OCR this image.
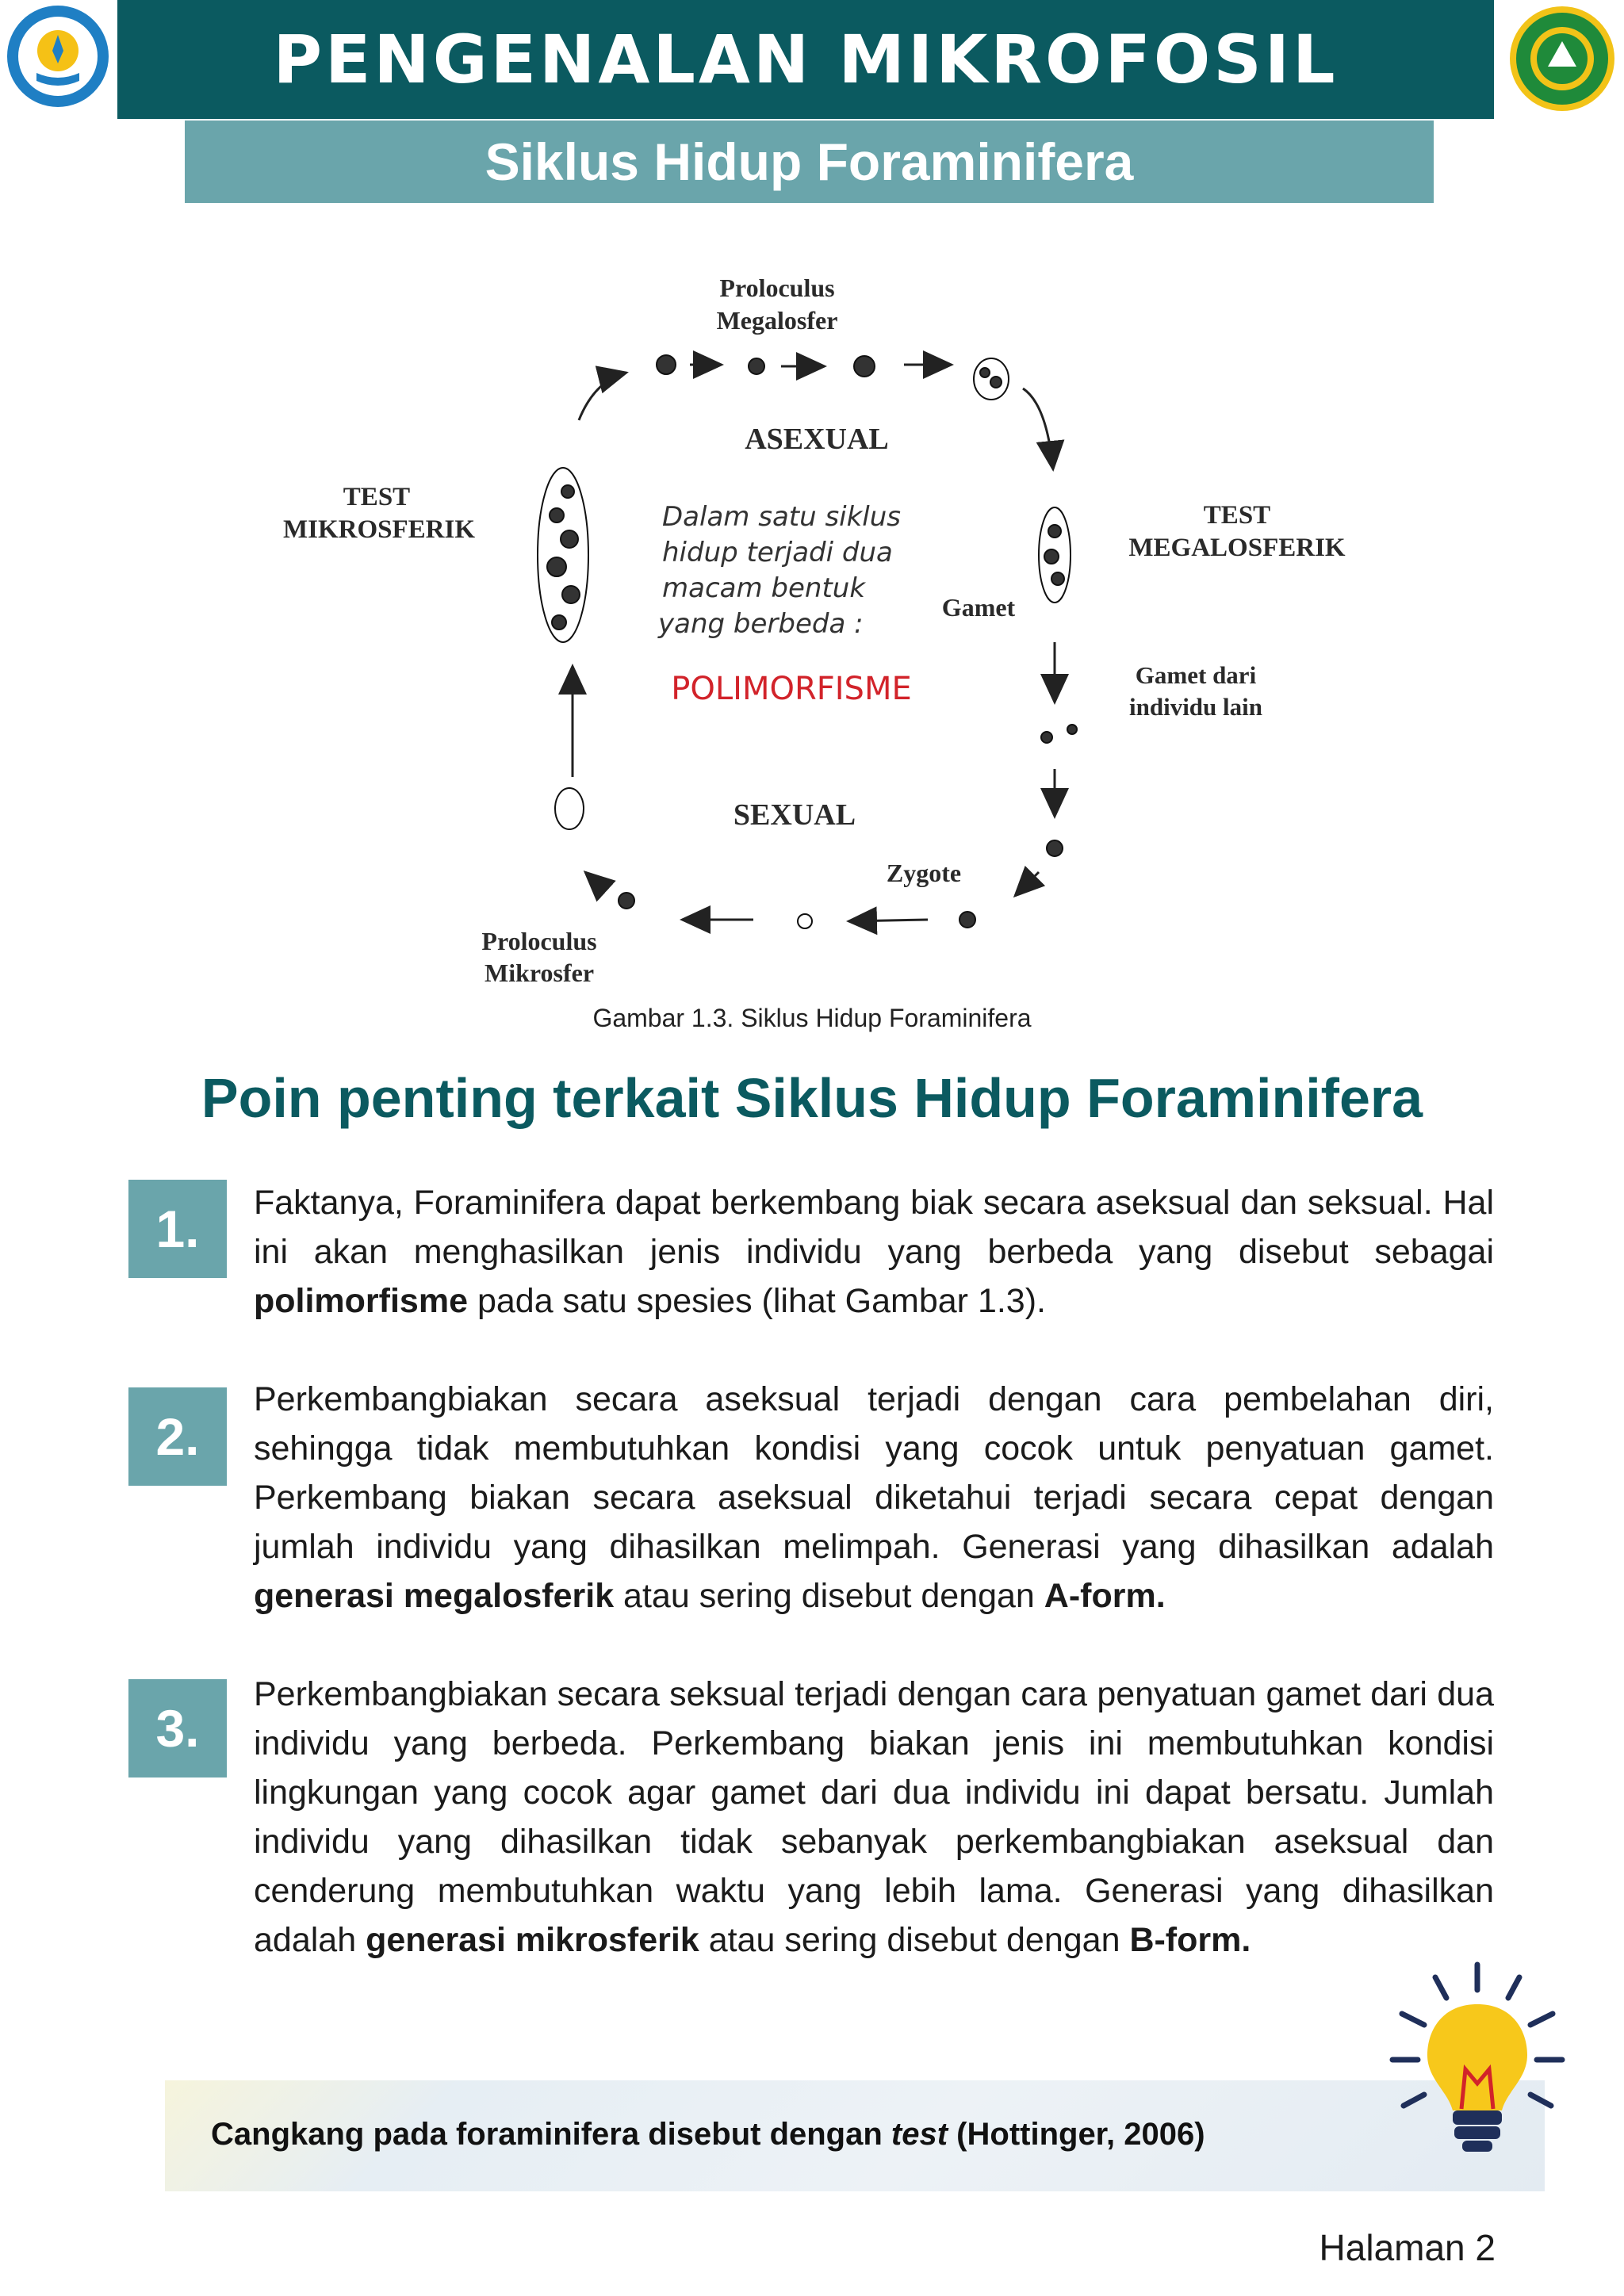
PENGENALAN MIKROFOSIL
Siklus Hidup Foraminifera
Proloculus
Megalosfer
ASEXUAL
TEST
MIKROSFERIK	TEST
MEGALOSFERIK
Dalam satu siklus
hidup terjadi dua
macam bentuk
yang berbeda :
POLIMORFISME
Gamet
Gamet dari
individu lain
SEXUAL
Zygote
Proloculus
Mikrosfer
Gambar 1.3. Siklus Hidup Foraminifera
Poin penting terkait Siklus Hidup Foraminifera
1.	Faktanya, Foraminifera dapat berkembang biak secara aseksual dan seksual. Hal ini akan menghasilkan jenis individu yang berbeda yang disebut sebagai polimorfisme pada satu spesies (lihat Gambar 1.3).
2.
Perkembangbiakan secara aseksual terjadi dengan cara pembelahan diri, sehingga tidak membutuhkan kondisi yang cocok untuk penyatuan gamet. Perkembang biakan secara aseksual diketahui terjadi secara cepat dengan jumlah individu yang dihasilkan melimpah. Generasi yang dihasilkan adalah generasi megalosferik atau sering disebut dengan A-form.
3.
Perkembangbiakan secara seksual terjadi dengan cara penyatuan gamet dari dua individu yang berbeda. Perkembang biakan jenis ini membutuhkan kondisi lingkungan yang cocok agar gamet dari dua individu ini dapat bersatu. Jumlah individu yang dihasilkan tidak sebanyak perkembangbiakan aseksual dan cenderung membutuhkan waktu yang lebih lama. Generasi yang dihasilkan adalah generasi mikrosferik atau sering disebut dengan B-form.
Cangkang pada foraminifera disebut dengan test (Hottinger, 2006)
Halaman 2
